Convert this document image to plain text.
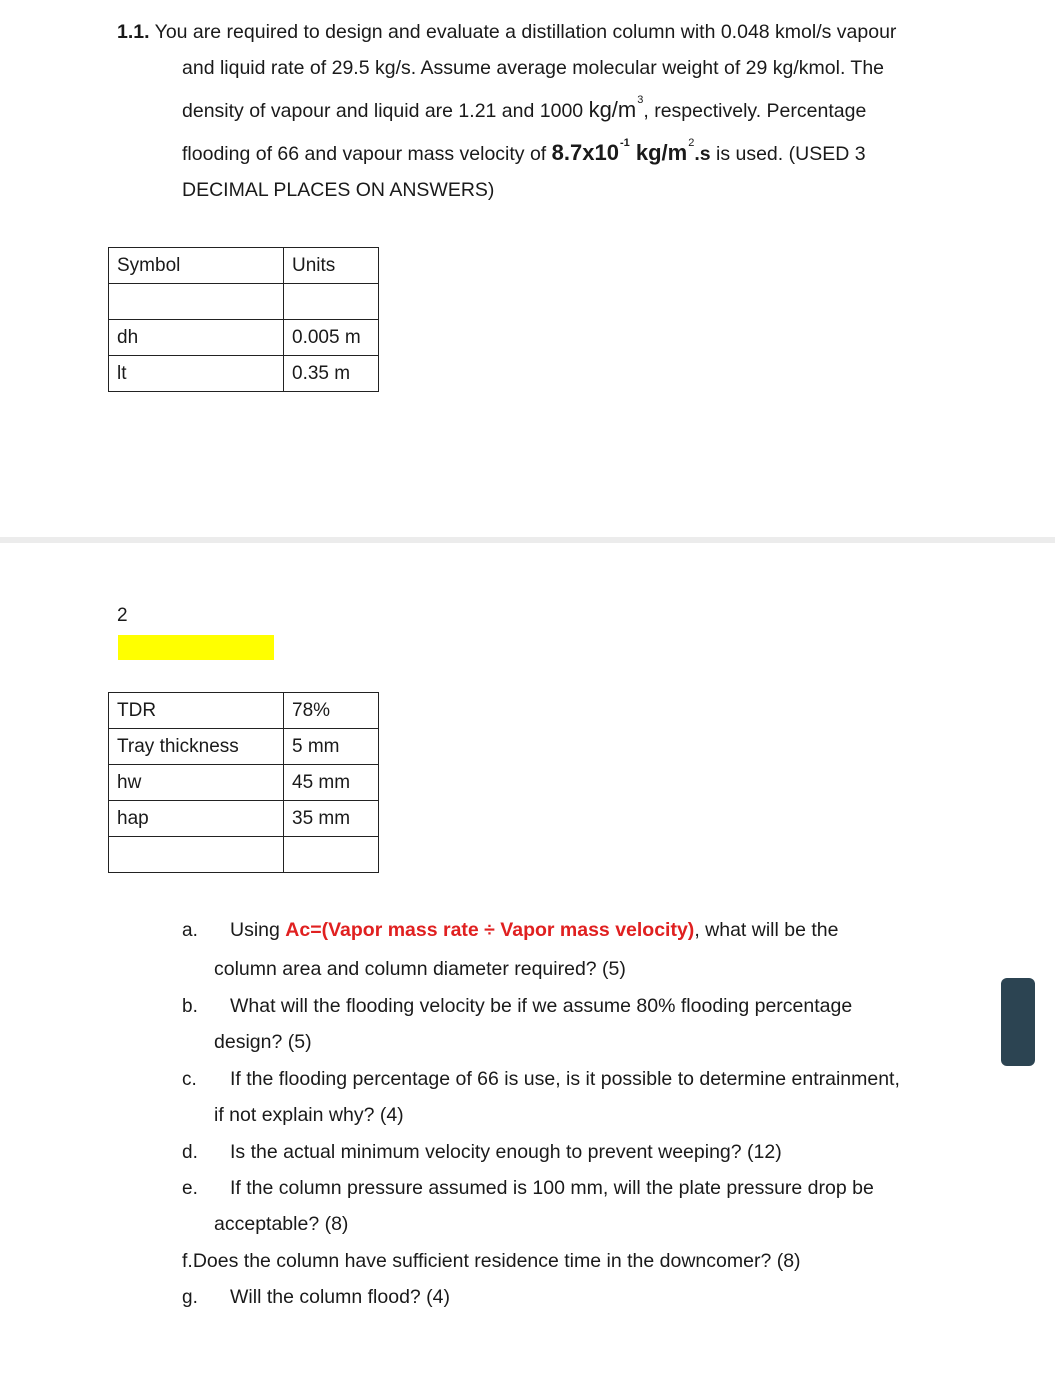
1.1. You are required to design and evaluate a distillation column with 0.048 kmol/s vapour
and liquid rate of 29.5 kg/s. Assume average molecular weight of 29 kg/kmol. The
density of vapour and liquid are 1.21 and 1000 $kg/m^3$, respectively. Percentage
flooding of 66 and vapour mass velocity of $8.7x10^{-1}$ $kg/m^2.s$ is used. (USED 3
DECIMAL PLACES ON ANSWERS)
Symbol	Units

dh	0.005 m
lt	0.35 m
2
TDR	78%
Tray thickness	5 mm
hw	45 mm
hap	35 mm

a. Using Ac=(Vapor mass rate ÷ Vapor mass velocity), what will be the
column area and column diameter required? (5)
b. What will the flooding velocity be if we assume 80% flooding percentage
design? (5)
c. If the flooding percentage of 66 is use, is it possible to determine entrainment,
if not explain why? (4)
d. Is the actual minimum velocity enough to prevent weeping? (12)
e. If the column pressure assumed is 100 mm, will the plate pressure drop be
acceptable? (8)
f.Does the column have sufficient residence time in the downcomer? (8)
g. Will the column flood? (4)
